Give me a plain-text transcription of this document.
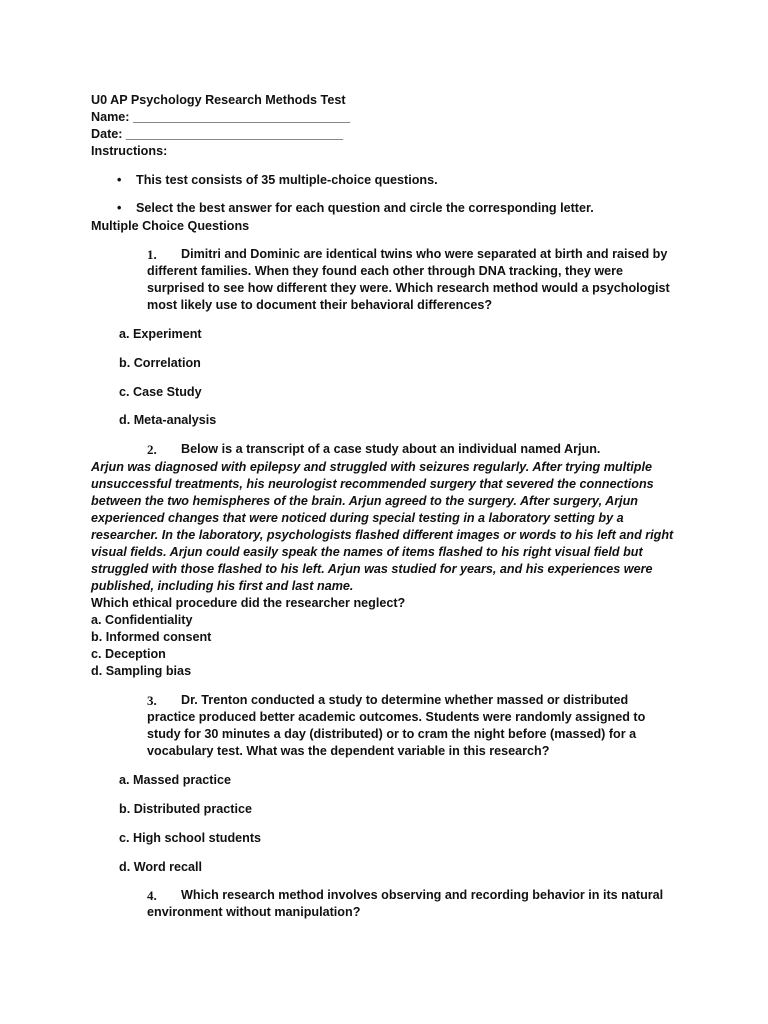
U0 AP Psychology Research Methods Test
Name: _______________________________
Date: _______________________________
Instructions:
• This test consists of 35 multiple-choice questions.
• Select the best answer for each question and circle the corresponding letter.
Multiple Choice Questions
1. Dimitri and Dominic are identical twins who were separated at birth and raised by
different families. When they found each other through DNA tracking, they were
surprised to see how different they were. Which research method would a psychologist
most likely use to document their behavioral differences?
a. Experiment
b. Correlation
c. Case Study
d. Meta-analysis
2. Below is a transcript of a case study about an individual named Arjun.
Arjun was diagnosed with epilepsy and struggled with seizures regularly. After trying multiple
unsuccessful treatments, his neurologist recommended surgery that severed the connections
between the two hemispheres of the brain. Arjun agreed to the surgery. After surgery, Arjun
experienced changes that were noticed during special testing in a laboratory setting by a
researcher. In the laboratory, psychologists flashed different images or words to his left and right
visual fields. Arjun could easily speak the names of items flashed to his right visual field but
struggled with those flashed to his left. Arjun was studied for years, and his experiences were
published, including his first and last name.
Which ethical procedure did the researcher neglect?
a. Confidentiality
b. Informed consent
c. Deception
d. Sampling bias
3. Dr. Trenton conducted a study to determine whether massed or distributed
practice produced better academic outcomes. Students were randomly assigned to
study for 30 minutes a day (distributed) or to cram the night before (massed) for a
vocabulary test. What was the dependent variable in this research?
a. Massed practice
b. Distributed practice
c. High school students
d. Word recall
4. Which research method involves observing and recording behavior in its natural
environment without manipulation?
